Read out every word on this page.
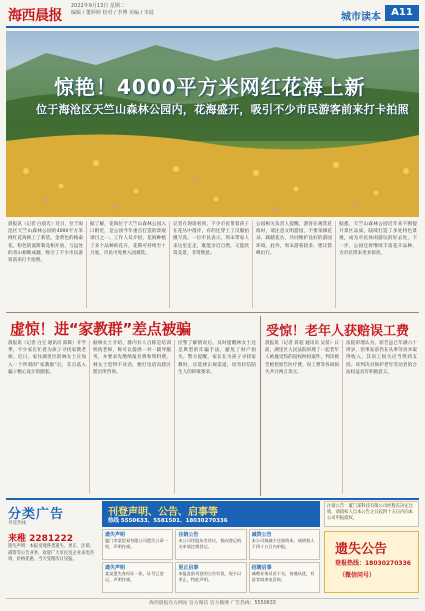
海西晨报
2022年9月13日 星期二
编辑 / 董婷婷 校对 / 李博 美编 / 李晨	城市读本	A11
惊艳！4000平方米网红花海上新
位于海沧区天竺山森林公园内，花海盛开，吸引不少市民游客前来打卡拍照
晨报讯（记者 白晨光）近日，位于海沧区天竺山森林公园的4000平方米网红花海换上了新装。金黄色的格桑花、粉色的波斯菊竞相开放，与远处的青山相映成趣，吸引了不少市民游客前来打卡拍照。
据了解，花海位于天竺山森林公园入口附近，是公园今年重点打造的景观项目之一。工作人员介绍，花海种植了多个品种的花卉，花期可持续至十月底，市民可免费入园观赏。
记者在现场看到，不少市民带着孩子在花丛中漫步，有的还穿上了汉服拍摄写真。一位市民表示，周末带家人来这里走走，既能亲近自然，又能欣赏美景，非常惬意。
公园相关负责人提醒，游客在观赏花海时，请注意文明游园，不要采摘花朵、踩踏花丛，共同维护良好的游园环境。此外，周末游客较多，建议错峰出行。
据悉，天竺山森林公园近年来不断提升景区品质，陆续打造了多处特色景观，成为市民休闲游玩的好去处。下一步，公园还将继续丰富花卉品种，为市民带来更多惊喜。
虚惊！进“家教群”差点被骗
晨报讯（记者 白宝 通讯员 陈辉）开学季，不少家长忙着为孩子寻找家教老师。近日，家住湖里区的林女士在加入一个所谓的“家教群”后，差点落入骗子精心设计的圈套。
据林女士介绍，群内有人自称是培训机构老师，称可以提供一对一辅导服务，并要求先缴纳报名费和资料费。林女士觉得不对劲，便打电话向辖区派出所咨询。
民警了解情况后，及时提醒林女士这是典型的诈骗手法，避免了财产损失。警方提醒，家长在为孩子寻找家教时，应选择正规渠道，切勿轻信陌生人的转账要求。
受惊！老年人获赔误工费
晨报讯（记者 蒋超 通讯员 吴蓓）日前，湖里区人民法院审理了一起老年人被撞受伤的侵权纠纷案件，判决被告赔偿原告医疗费、误工费等各项损失共计两万余元。
法院审理认为，原告虽已年满六十周岁，但事发前仍在从事劳动并取得收入，其误工损失应当得到支持。该判决对保护老年劳动者的合法权益具有积极意义。
分类广告
刊登热线
来稚 2281222
遗失声明：本报受理各类遗失、更正、注销、减资等公告业务，欢迎广大市民及企业来电咨询，价格优惠，当天受理次日见报。
刊登声明、公告、启事等
热线 5550633、5581501、18030270336
遗失声明
厦门市某贸易有限公司遗失公章一枚，声明作废。
注销公告
本公司经股东会决议，拟向登记机关申请注销登记。
减资公告
本公司拟减少注册资本，请债权人于四十五日内申报。
遗失声明
某某遗失身份证一张，证号已登记，声明作废。
更正启事
本报此前刊登的公告有误，现予以更正，特此声明。
招聘启事
诚聘业务员若干名，待遇从优，有意者请来电咨询。
注销公告：厦门某科技有限公司经股东决定注销，请债权人自本公告之日起四十五日内向本公司申报债权。
遗失公告
登报热线：18030270336
（微信同号）
海西晨报官方网站 官方微信 官方微博 广告热线：5550633
